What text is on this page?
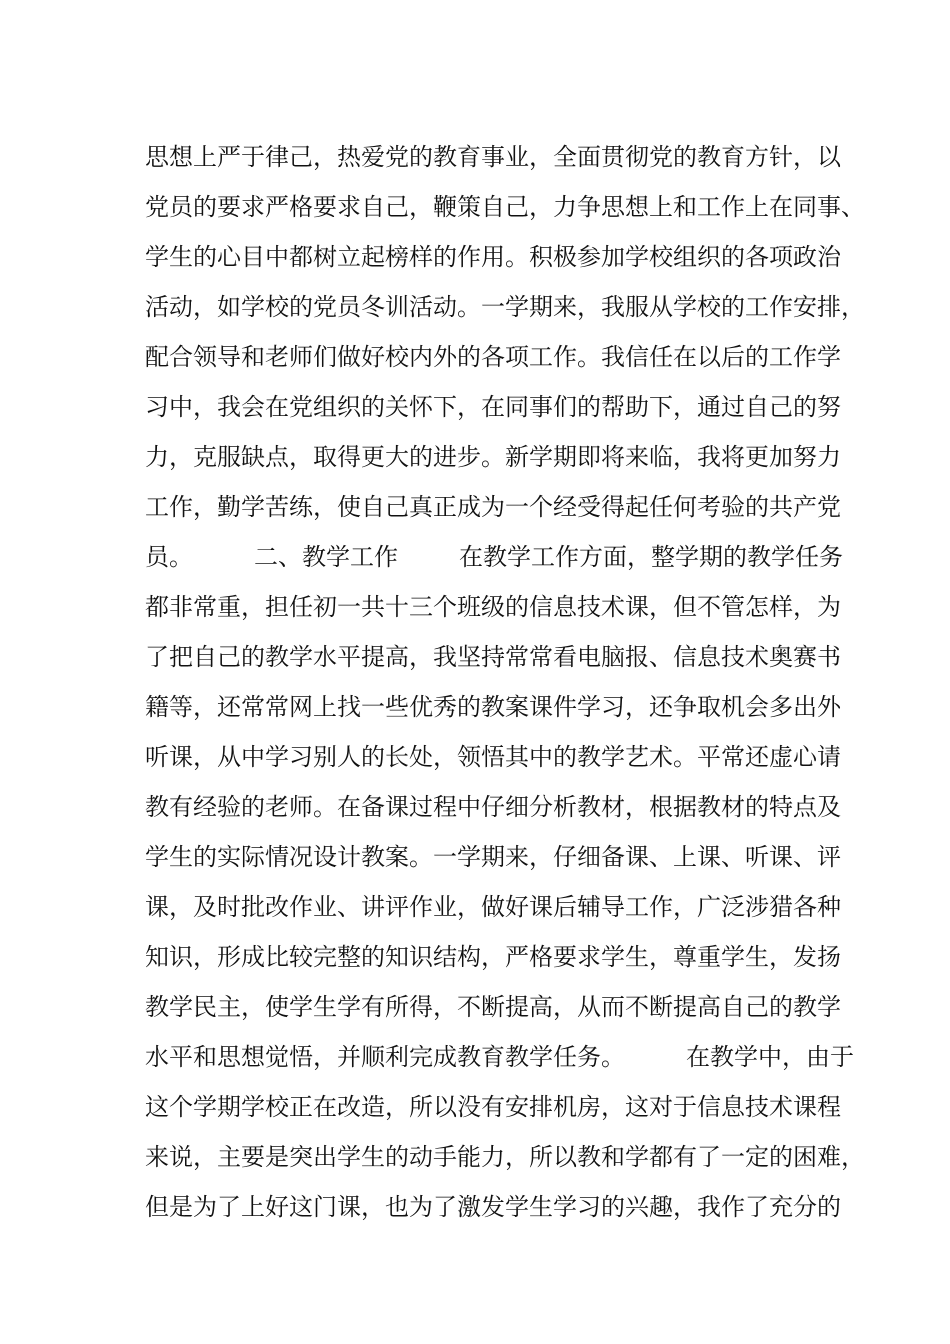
思想上严于律己，热爱党的教育事业，全面贯彻党的教育方针，以
党员的要求严格要求自己，鞭策自己，力争思想上和工作上在同事、
学生的心目中都树立起榜样的作用。积极参加学校组织的各项政治
活动，如学校的党员冬训活动。一学期来，我服从学校的工作安排，
配合领导和老师们做好校内外的各项工作。我信任在以后的工作学
习中，我会在党组织的关怀下，在同事们的帮助下，通过自己的努
力，克服缺点，取得更大的进步。新学期即将来临，我将更加努力
工作，勤学苦练，使自己真正成为一个经受得起任何考验的共产党
员。        二、教学工作        在教学工作方面，整学期的教学任务
都非常重，担任初一共十三个班级的信息技术课，但不管怎样，为
了把自己的教学水平提高，我坚持常常看电脑报、信息技术奥赛书
籍等，还常常网上找一些优秀的教案课件学习，还争取机会多出外
听课，从中学习别人的长处，领悟其中的教学艺术。平常还虚心请
教有经验的老师。在备课过程中仔细分析教材，根据教材的特点及
学生的实际情况设计教案。一学期来，仔细备课、上课、听课、评
课，及时批改作业、讲评作业，做好课后辅导工作，广泛涉猎各种
知识，形成比较完整的知识结构，严格要求学生，尊重学生，发扬
教学民主，使学生学有所得，不断提高，从而不断提高自己的教学
水平和思想觉悟，并顺利完成教育教学任务。        在教学中，由于
这个学期学校正在改造，所以没有安排机房，这对于信息技术课程
来说，主要是突出学生的动手能力，所以教和学都有了一定的困难，
但是为了上好这门课，也为了激发学生学习的兴趣，我作了充分的
